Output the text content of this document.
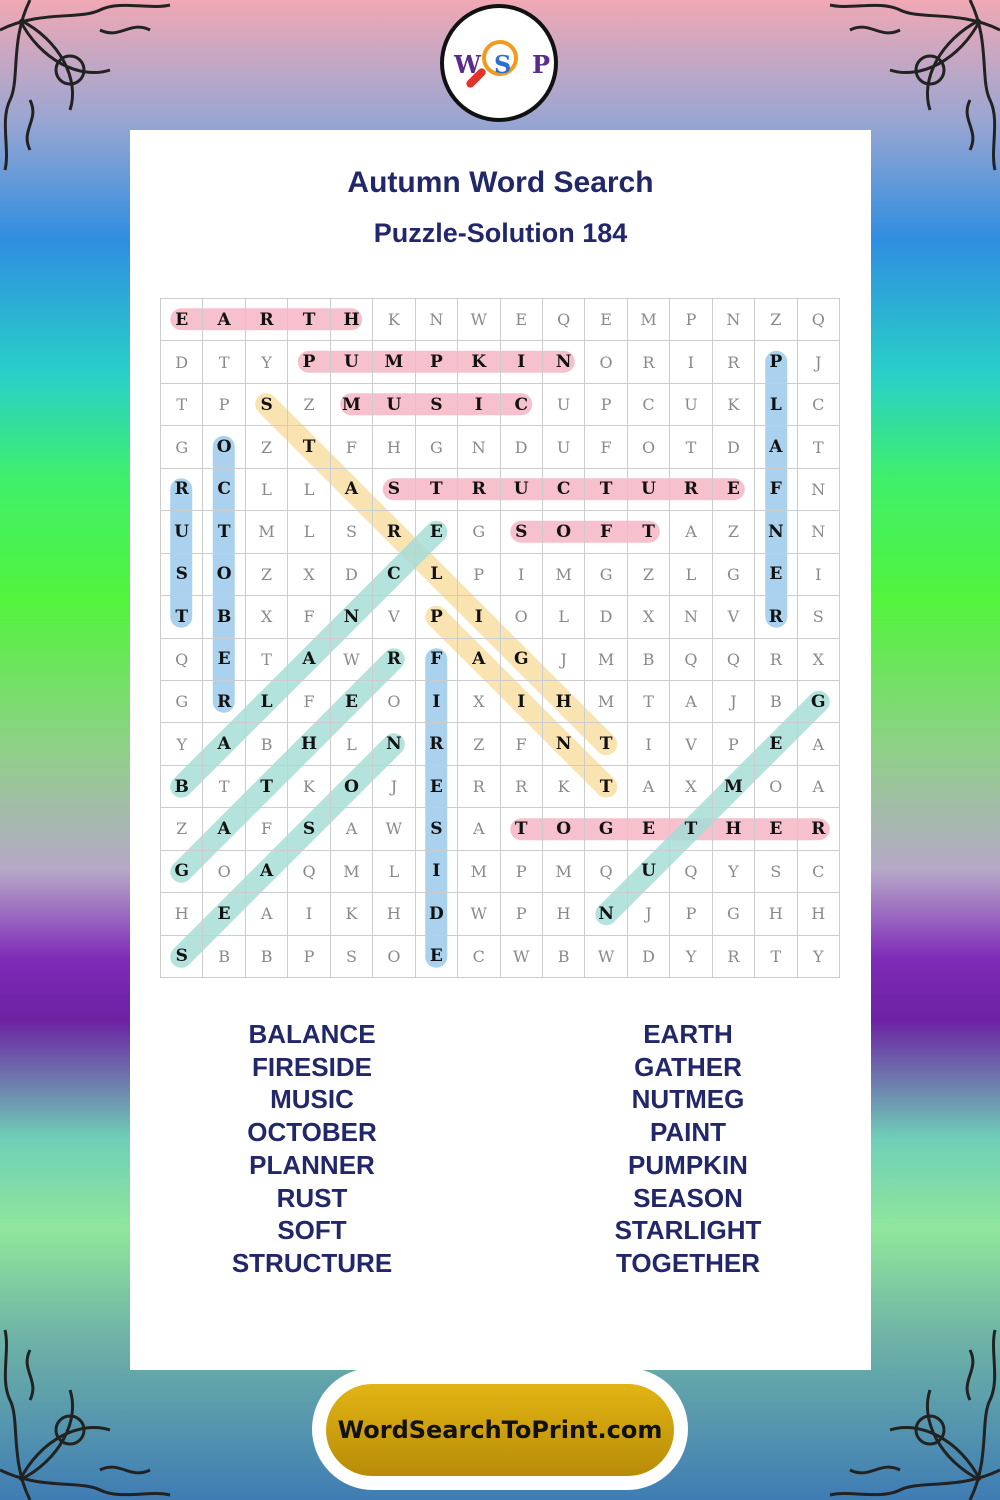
W S P
Autumn Word Search
Puzzle-Solution 184
E	A	R	T	H	K	N	W	E	Q	E	M	P	N	Z	Q
D	T	Y	P	U	M	P	K	I	N	O	R	I	R	P	J
T	P	S	Z	M	U	S	I	C	U	P	C	U	K	L	C
G	O	Z	T	F	H	G	N	D	U	F	O	T	D	A	T
R	C	L	L	A	S	T	R	U	C	T	U	R	E	F	N
U	T	M	L	S	R	E	G	S	O	F	T	A	Z	N	N
S	O	Z	X	D	C	L	P	I	M	G	Z	L	G	E	I
T	B	X	F	N	V	P	I	O	L	D	X	N	V	R	S
Q	E	T	A	W	R	F	A	G	J	M	B	Q	Q	R	X
G	R	L	F	E	O	I	X	I	H	M	T	A	J	B	G
Y	A	B	H	L	N	R	Z	F	N	T	I	V	P	E	A
B	T	T	K	O	J	E	R	R	K	T	A	X	M	O	A
Z	A	F	S	A	W	S	A	T	O	G	E	T	H	E	R
G	O	A	Q	M	L	I	M	P	M	Q	U	Q	Y	S	C
H	E	A	I	K	H	D	W	P	H	N	J	P	G	H	H
S	B	B	P	S	O	E	C	W	B	W	D	Y	R	T	Y
BALANCE
FIRESIDE
MUSIC
OCTOBER
PLANNER
RUST
SOFT
STRUCTURE
EARTH
GATHER
NUTMEG
PAINT
PUMPKIN
SEASON
STARLIGHT
TOGETHER
WordSearchToPrint.com
